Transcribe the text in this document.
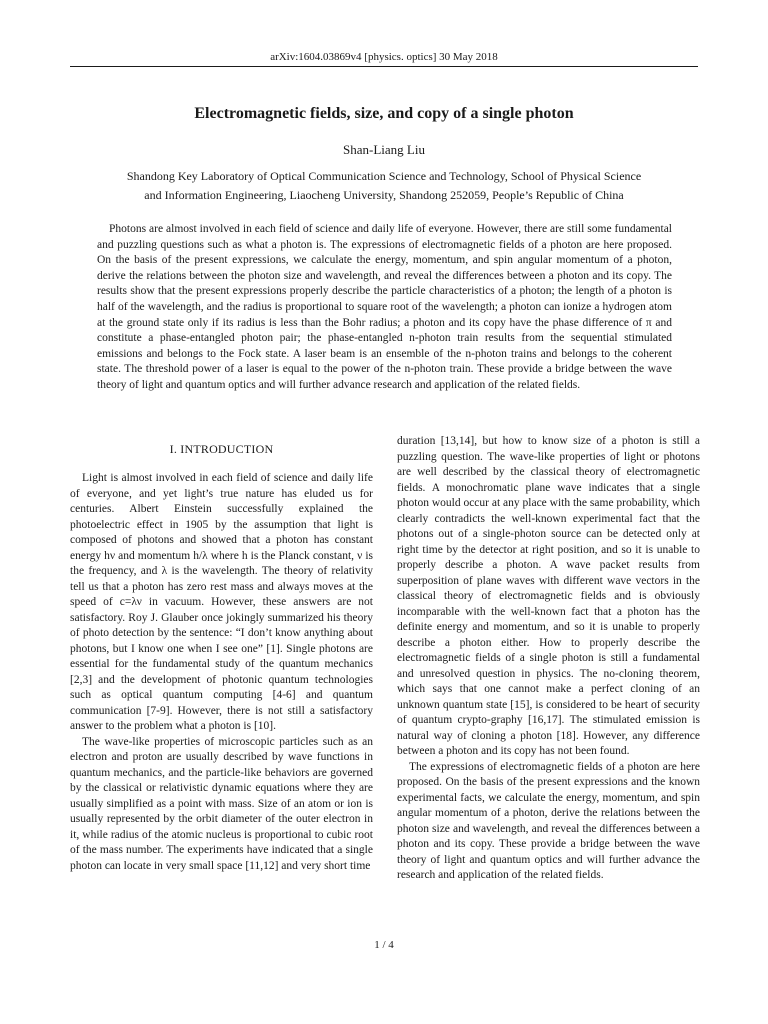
arXiv:1604.03869v4 [physics. optics] 30 May 2018
Electromagnetic fields, size, and copy of a single photon
Shan-Liang Liu
Shandong Key Laboratory of Optical Communication Science and Technology, School of Physical Science
and Information Engineering, Liaocheng University, Shandong 252059, People’s Republic of China

Photons are almost involved in each field of science and daily life of everyone. However, there are still some fundamental and puzzling questions such as what a photon is. The expressions of electromagnetic fields of a photon are here proposed. On the basis of the present expressions, we calculate the energy, momentum, and spin angular momentum of a photon, derive the relations between the photon size and wavelength, and reveal the differences between a photon and its copy. The results show that the present expressions properly describe the particle characteristics of a photon; the length of a photon is half of the wavelength, and the radius is proportional to square root of the wavelength; a photon can ionize a hydrogen atom at the ground state only if its radius is less than the Bohr radius; a photon and its copy have the phase difference of π and constitute a phase-entangled photon pair; the phase-entangled n-photon train results from the sequential stimulated emissions and belongs to the Fock state. A laser beam is an ensemble of the n-photon trains and belongs to the coherent state. The threshold power of a laser is equal to the power of the n-photon train. These provide a bridge between the wave theory of light and quantum optics and will further advance research and application of the related fields.

I. INTRODUCTION

Light is almost involved in each field of science and daily life of everyone, and yet light’s true nature has eluded us for centuries. Albert Einstein successfully explained the photoelectric effect in 1905 by the assumption that light is composed of photons and showed that a photon has constant energy hν and momentum h/λ where h is the Planck constant, ν is the frequency, and λ is the wavelength. The theory of relativity tell us that a photon has zero rest mass and always moves at the speed of c=λν in vacuum. However, these answers are not satisfactory. Roy J. Glauber once jokingly summarized his theory of photo detection by the sentence: “I don’t know anything about photons, but I know one when I see one” [1]. Single photons are essential for the fundamental study of the quantum mechanics [2,3] and the development of photonic quantum technologies such as optical quantum computing [4-6] and quantum communication [7-9]. However, there is not still a satisfactory answer to the problem what a photon is [10].

The wave-like properties of microscopic particles such as an electron and proton are usually described by wave functions in quantum mechanics, and the particle-like behaviors are governed by the classical or relativistic dynamic equations where they are usually simplified as a point with mass. Size of an atom or ion is usually represented by the orbit diameter of the outer electron in it, while radius of the atomic nucleus is proportional to cubic root of the mass number. The experiments have indicated that a single photon can locate in very small space [11,12] and very short time

duration [13,14], but how to know size of a photon is still a puzzling question. The wave-like properties of light or photons are well described by the classical theory of electromagnetic fields. A monochromatic plane wave indicates that a single photon would occur at any place with the same probability, which clearly contradicts the well-known experimental fact that the photons out of a single-photon source can be detected only at right time by the detector at right position, and so it is unable to properly describe a photon. A wave packet results from superposition of plane waves with different wave vectors in the classical theory of electromagnetic fields and is obviously incomparable with the well-known fact that a photon has the definite energy and momentum, and so it is unable to properly describe a photon either. How to properly describe the electromagnetic fields of a single photon is still a fundamental and unresolved question in physics. The no-cloning theorem, which says that one cannot make a perfect cloning of an unknown quantum state [15], is considered to be heart of security of quantum crypto-graphy [16,17]. The stimulated emission is natural way of cloning a photon [18]. However, any difference between a photon and its copy has not been found.

The expressions of electromagnetic fields of a photon are here proposed. On the basis of the present expressions and the known experimental facts, we calculate the energy, momentum, and spin angular momentum of a photon, derive the relations between the photon size and wavelength, and reveal the differences between a photon and its copy. These provide a bridge between the wave theory of light and quantum optics and will further advance the research and application of the related fields.

1 / 4
